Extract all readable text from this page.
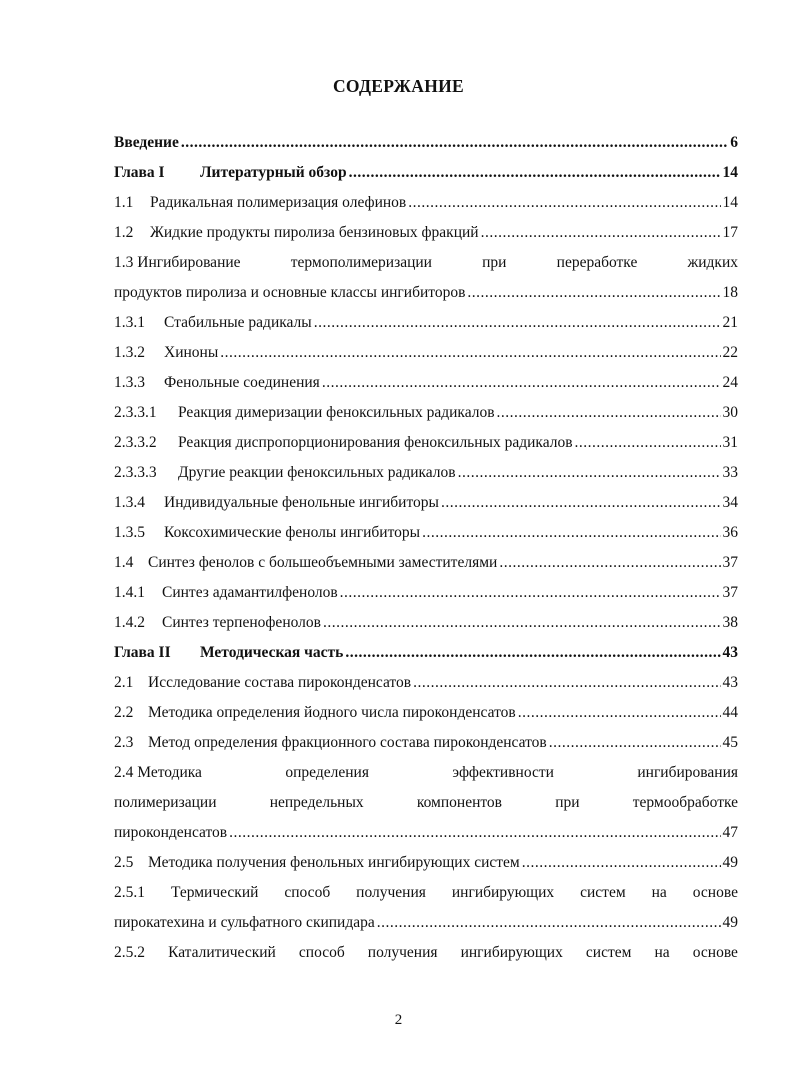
СОДЕРЖАНИЕ
Введение .....	6
Глава I	Литературный обзор .....	14
1.1	Радикальная полимеризация олефинов .....	14
1.2	Жидкие продукты пиролиза бензиновых фракций .....	17
1.3 Ингибирование	термополимеризации	при	переработке	жидких
продуктов пиролиза и основные классы ингибиторов .....	18
1.3.1	Стабильные радикалы .....	21
1.3.2	Хиноны .....	22
1.3.3	Фенольные соединения .....	24
2.3.3.1	Реакция димеризации феноксильных радикалов .....	30
2.3.3.2	Реакция диспропорционирования феноксильных радикалов .....	31
2.3.3.3	Другие реакции феноксильных радикалов .....	33
1.3.4	Индивидуальные фенольные ингибиторы .....	34
1.3.5	Коксохимические фенолы ингибиторы .....	36
1.4 Синтез фенолов с большеобъемными заместителями .....	37
1.4.1	Синтез адамантилфенолов .....	37
1.4.2	Синтез терпенофенолов .....	38
Глава II	Методическая часть .....	43
2.1 Исследование состава пироконденсатов .....	43
2.2 Методика определения йодного числа пироконденсатов .....	44
2.3 Метод определения фракционного состава пироконденсатов .....	45
2.4 Методика	определения	эффективности	ингибирования
полимеризации	непредельных	компонентов	при	термообработке
пироконденсатов .....	47
2.5 Методика получения фенольных ингибирующих систем .....	49
2.5.1 Термический способ получения ингибирующих систем на основе
пирокатехина и сульфатного скипидара .....	49
2.5.2 Каталитический способ получения ингибирующих систем на основе
2
